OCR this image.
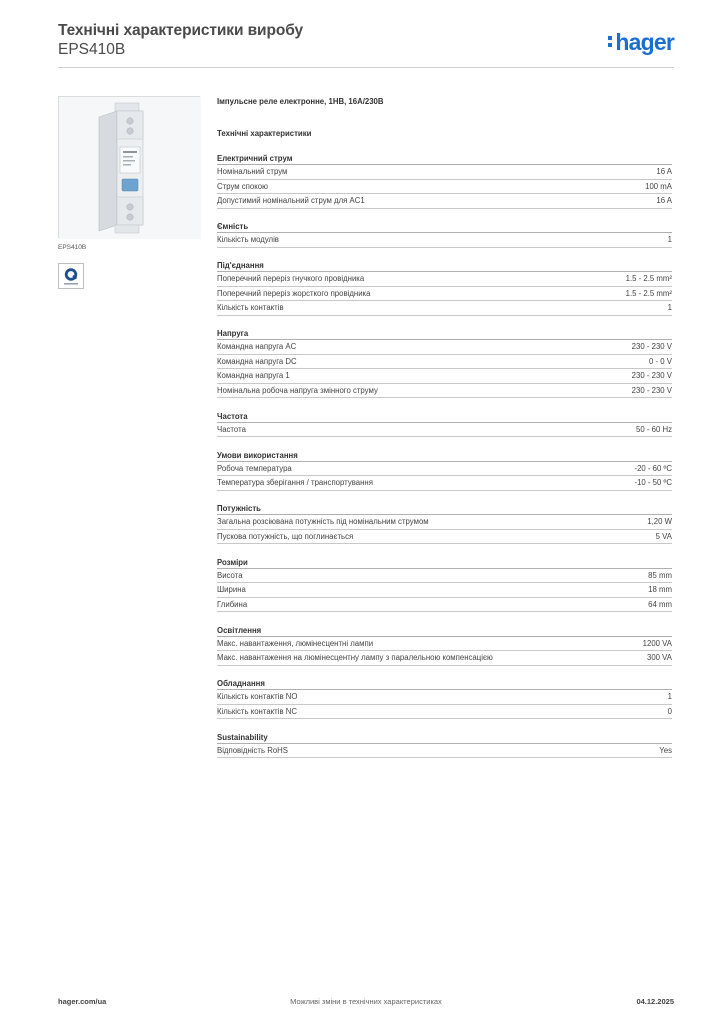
Технічні характеристики виробу
EPS410B	hager
EPS410B
Імпульсне реле електронне, 1НВ, 16А/230В
Технічні характеристики
Електричний струм
Номінальний струм	16 A
Струм спокою	100 mA
Допустимий номінальний струм для AC1	16 A
Ємність
Кількість модулів	1
Під'єднання
Поперечний переріз гнучкого провідника	1.5 - 2.5 mm²
Поперечний переріз жорсткого провідника	1.5 - 2.5 mm²
Кількість контактів	1
Напруга
Командна напруга AC	230 - 230 V
Командна напруга DC	0 - 0 V
Командна напруга 1	230 - 230 V
Номінальна робоча напруга змінного струму	230 - 230 V
Частота
Частота	50 - 60 Hz
Умови використання
Робоча температура	-20 - 60 ºC
Температура зберігання / транспортування	-10 - 50 ºC
Потужність
Загальна розсіювана потужність під номінальним струмом	1,20 W
Пускова потужність, що поглинається	5 VA
Розміри
Висота	85 mm
Ширина	18 mm
Глибина	64 mm
Освітлення
Макс. навантаження, люмінесцентні лампи	1200 VA
Макс. навантаження на люмінесцентну лампу з паралельною компенсацією	300 VA
Обладнання
Кількість контактів NO	1
Кількість контактів NC	0
Sustainability
Відповідність RoHS	Yes
hager.com/ua	Можливі зміни в технічних характеристиках	04.12.2025
